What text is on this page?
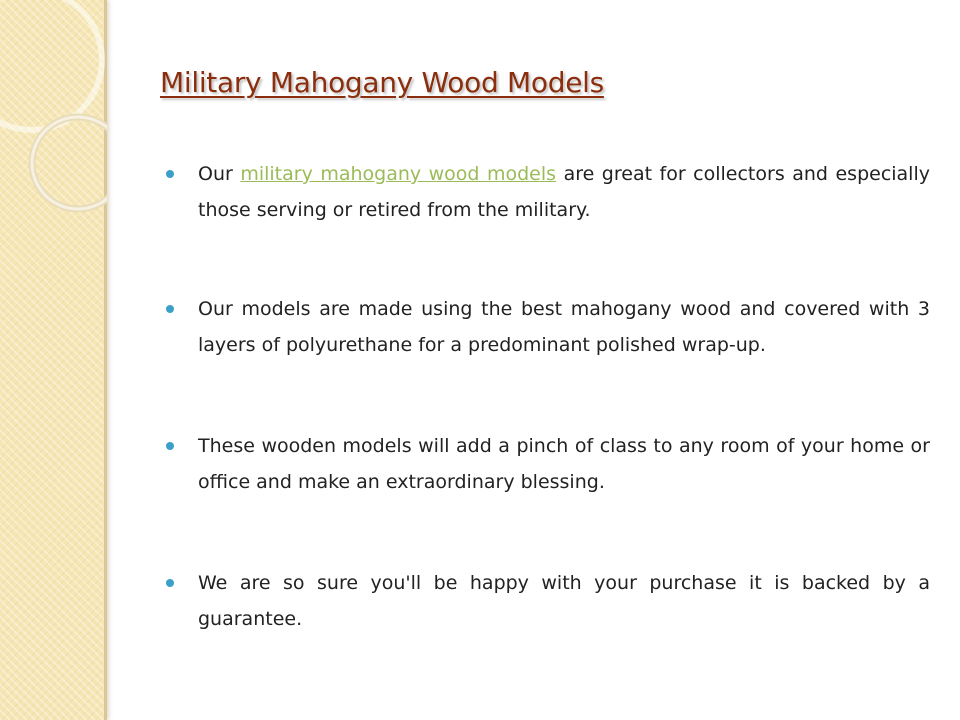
Military Mahogany Wood Models
Our military mahogany wood models are great for collectors and especially those serving or retired from the military.
Our models are made using the best mahogany wood and covered with 3 layers of polyurethane for a predominant polished wrap-up.
These wooden models will add a pinch of class to any room of your home or office and make an extraordinary blessing.
We are so sure you'll be happy with your purchase it is backed by a guarantee.
